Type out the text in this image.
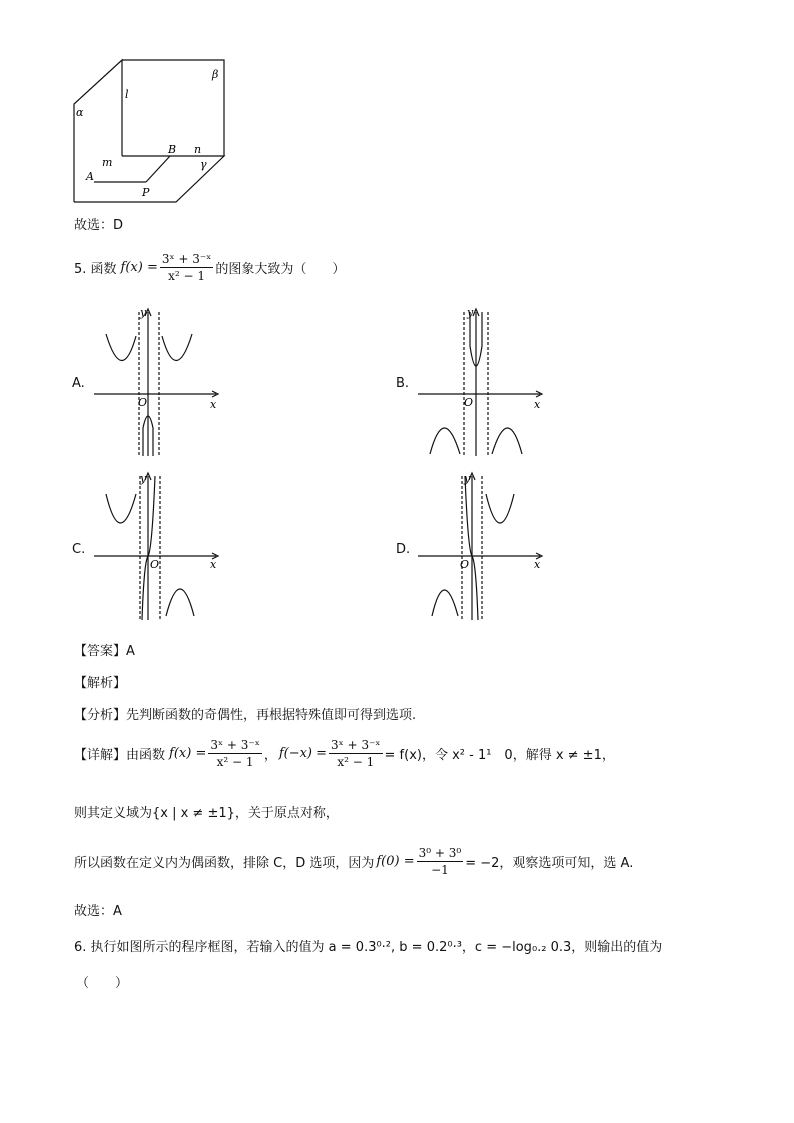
α
β
l
m
A
B n
γ
P
故选：D
5. 函数 $f(x) = \frac{\text{3ˣ + 3⁻ˣ}}{\text{x² − 1}}$ 的图象大致为（　　）
A.
y
x
O
B.
y
x
O
C.
y
x
O
D.
y
x
O
【答案】A
【解析】
【分析】先判断函数的奇偶性，再根据特殊值即可得到选项.
【详解】 由函数 $f(x) = \frac{\text{3ˣ + 3⁻ˣ}}{\text{x² − 1}}$ ， $f(-x) = \frac{\text{3ˣ + 3⁻ˣ}}{\text{x² − 1}} = f(x)$，令 x² - 1¹　0，解得 x ≠ ±1，
则其定义域为{x | x ≠ ±1}，关于原点对称，
所以函数在定义内为偶函数，排除 C，D 选项，因为 $f(0) = \frac{\text{3⁰ + 3⁰}}{-1} = -2$，观察选项可知，选 A.
故选：A
6. 执行如图所示的程序框图，若输入的值为 a = 0.3⁰·², b = 0.2⁰·³，c = −log₀.₂ 0.3，则输出的值为
（　　）
